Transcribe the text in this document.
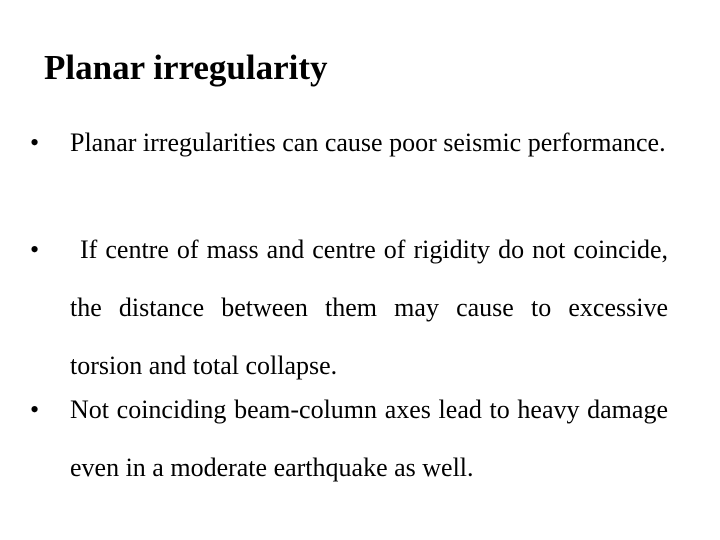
Planar irregularity
• Planar irregularities can cause poor seismic performance.
•	If centre of mass and centre of rigidity do not coincide, the distance between them may cause to excessive torsion and total collapse.
• Not coinciding beam-column axes lead to heavy damage even in a moderate earthquake as well.
